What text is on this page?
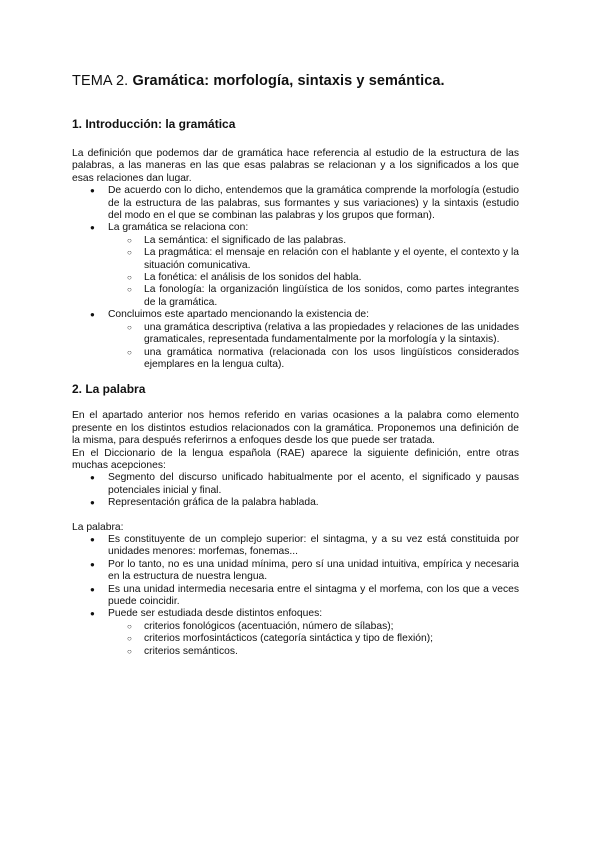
TEMA 2. Gramática: morfología, sintaxis y semántica.
1. Introducción: la gramática

La definición que podemos dar de gramática hace referencia al estudio de la estructura de las palabras, a las maneras en las que esas palabras se relacionan y a los significados a los que esas relaciones dan lugar.

● De acuerdo con lo dicho, entendemos que la gramática comprende la morfología (estudio de la estructura de las palabras, sus formantes y sus variaciones) y la sintaxis (estudio del modo en el que se combinan las palabras y los grupos que forman).
● La gramática se relaciona con:
○ La semántica: el significado de las palabras.
○ La pragmática: el mensaje en relación con el hablante y el oyente, el contexto y la situación comunicativa.
○ La fonética: el análisis de los sonidos del habla.
○ La fonología: la organización lingüística de los sonidos, como partes integrantes de la gramática.
● Concluimos este apartado mencionando la existencia de:
○ una gramática descriptiva (relativa a las propiedades y relaciones de las unidades gramaticales, representada fundamentalmente por la morfología y la sintaxis).
○ una gramática normativa (relacionada con los usos lingüísticos considerados ejemplares en la lengua culta).
2. La palabra

En el apartado anterior nos hemos referido en varias ocasiones a la palabra como elemento presente en los distintos estudios relacionados con la gramática. Proponemos una definición de la misma, para después referirnos a enfoques desde los que puede ser tratada.

En el Diccionario de la lengua española (RAE) aparece la siguiente definición, entre otras muchas acepciones:

● Segmento del discurso unificado habitualmente por el acento, el significado y pausas potenciales inicial y final.
● Representación gráfica de la palabra hablada.

La palabra:

● Es constituyente de un complejo superior: el sintagma, y a su vez está constituida por unidades menores: morfemas, fonemas...
● Por lo tanto, no es una unidad mínima, pero sí una unidad intuitiva, empírica y necesaria en la estructura de nuestra lengua.
● Es una unidad intermedia necesaria entre el sintagma y el morfema, con los que a veces puede coincidir.
● Puede ser estudiada desde distintos enfoques:
○ criterios fonológicos (acentuación, número de sílabas);
○ criterios morfosintácticos (categoría sintáctica y tipo de flexión);
○ criterios semánticos.
